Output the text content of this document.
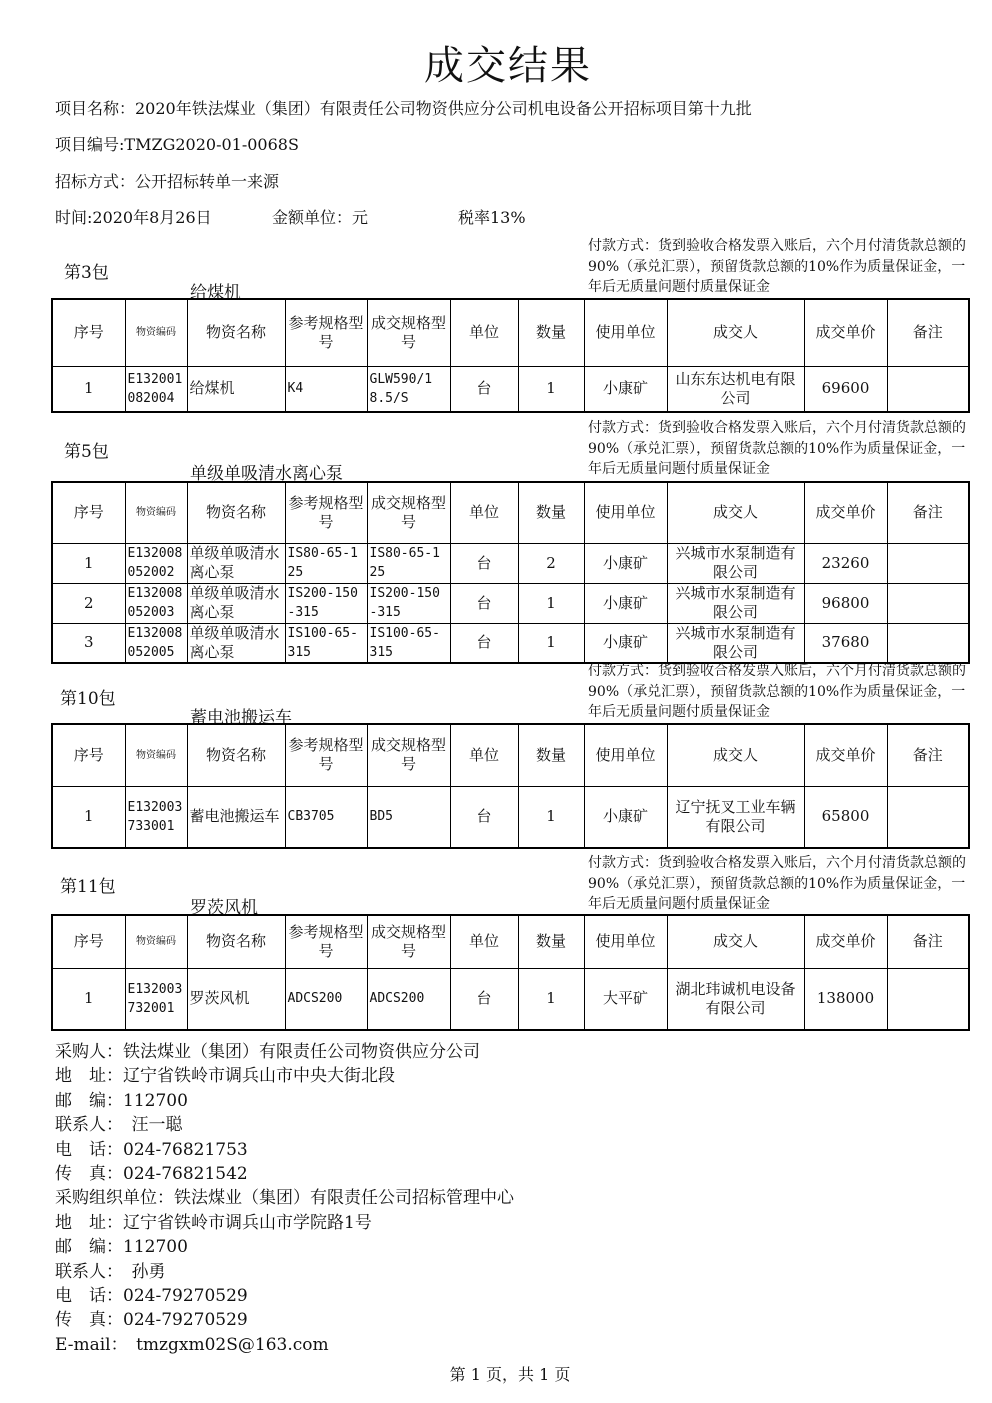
成交结果
项目名称：2020年铁法煤业（集团）有限责任公司物资供应分公司机电设备公开招标项目第十九批
项目编号:TMZG2020-01-0068S
招标方式：公开招标转单一来源
时间:2020年8月26日	金额单位：元	税率13%
第3包
给煤机
付款方式：货到验收合格发票入账后，六个月付清货款总额的90%（承兑汇票），预留货款总额的10%作为质量保证金，一年后无质量问题付质量保证金
序号	物资编码	物资名称	参考规格型号	成交规格型号	单位	数量	使用单位	成交人	成交单价	备注
1	E132001082004	给煤机	K4	GLW590/18.5/S	台	1	小康矿	山东东达机电有限公司	69600	
第5包
单级单吸清水离心泵
付款方式：货到验收合格发票入账后，六个月付清货款总额的90%（承兑汇票），预留货款总额的10%作为质量保证金，一年后无质量问题付质量保证金
序号	物资编码	物资名称	参考规格型号	成交规格型号	单位	数量	使用单位	成交人	成交单价	备注
1	E132008052002	单级单吸清水离心泵	IS80-65-125	IS80-65-125	台	2	小康矿	兴城市水泵制造有限公司	23260	
2	E132008052003	单级单吸清水离心泵	IS200-150-315	IS200-150-315	台	1	小康矿	兴城市水泵制造有限公司	96800	
3	E132008052005	单级单吸清水离心泵	IS100-65-315	IS100-65-315	台	1	小康矿	兴城市水泵制造有限公司	37680	
第10包
蓄电池搬运车
付款方式：货到验收合格发票入账后，六个月付清货款总额的90%（承兑汇票），预留货款总额的10%作为质量保证金，一年后无质量问题付质量保证金
序号	物资编码	物资名称	参考规格型号	成交规格型号	单位	数量	使用单位	成交人	成交单价	备注
1	E132003733001	蓄电池搬运车	CB3705	BD5	台	1	小康矿	辽宁抚叉工业车辆有限公司	65800	
第11包
罗茨风机
付款方式：货到验收合格发票入账后，六个月付清货款总额的90%（承兑汇票），预留货款总额的10%作为质量保证金，一年后无质量问题付质量保证金
序号	物资编码	物资名称	参考规格型号	成交规格型号	单位	数量	使用单位	成交人	成交单价	备注
1	E132003732001	罗茨风机	ADCS200	ADCS200	台	1	大平矿	湖北玮诚机电设备有限公司	138000	
采购人：铁法煤业（集团）有限责任公司物资供应分公司
地　址：辽宁省铁岭市调兵山市中央大街北段
邮　编：112700
联系人：　汪一聪
电　话：024-76821753
传　真：024-76821542
采购组织单位：铁法煤业（集团）有限责任公司招标管理中心
地　址：辽宁省铁岭市调兵山市学院路1号
邮　编：112700
联系人：　孙勇
电　话：024-79270529
传　真：024-79270529
E-mail：　tmzgxm02S@163.com
第 1 页，共 1 页
